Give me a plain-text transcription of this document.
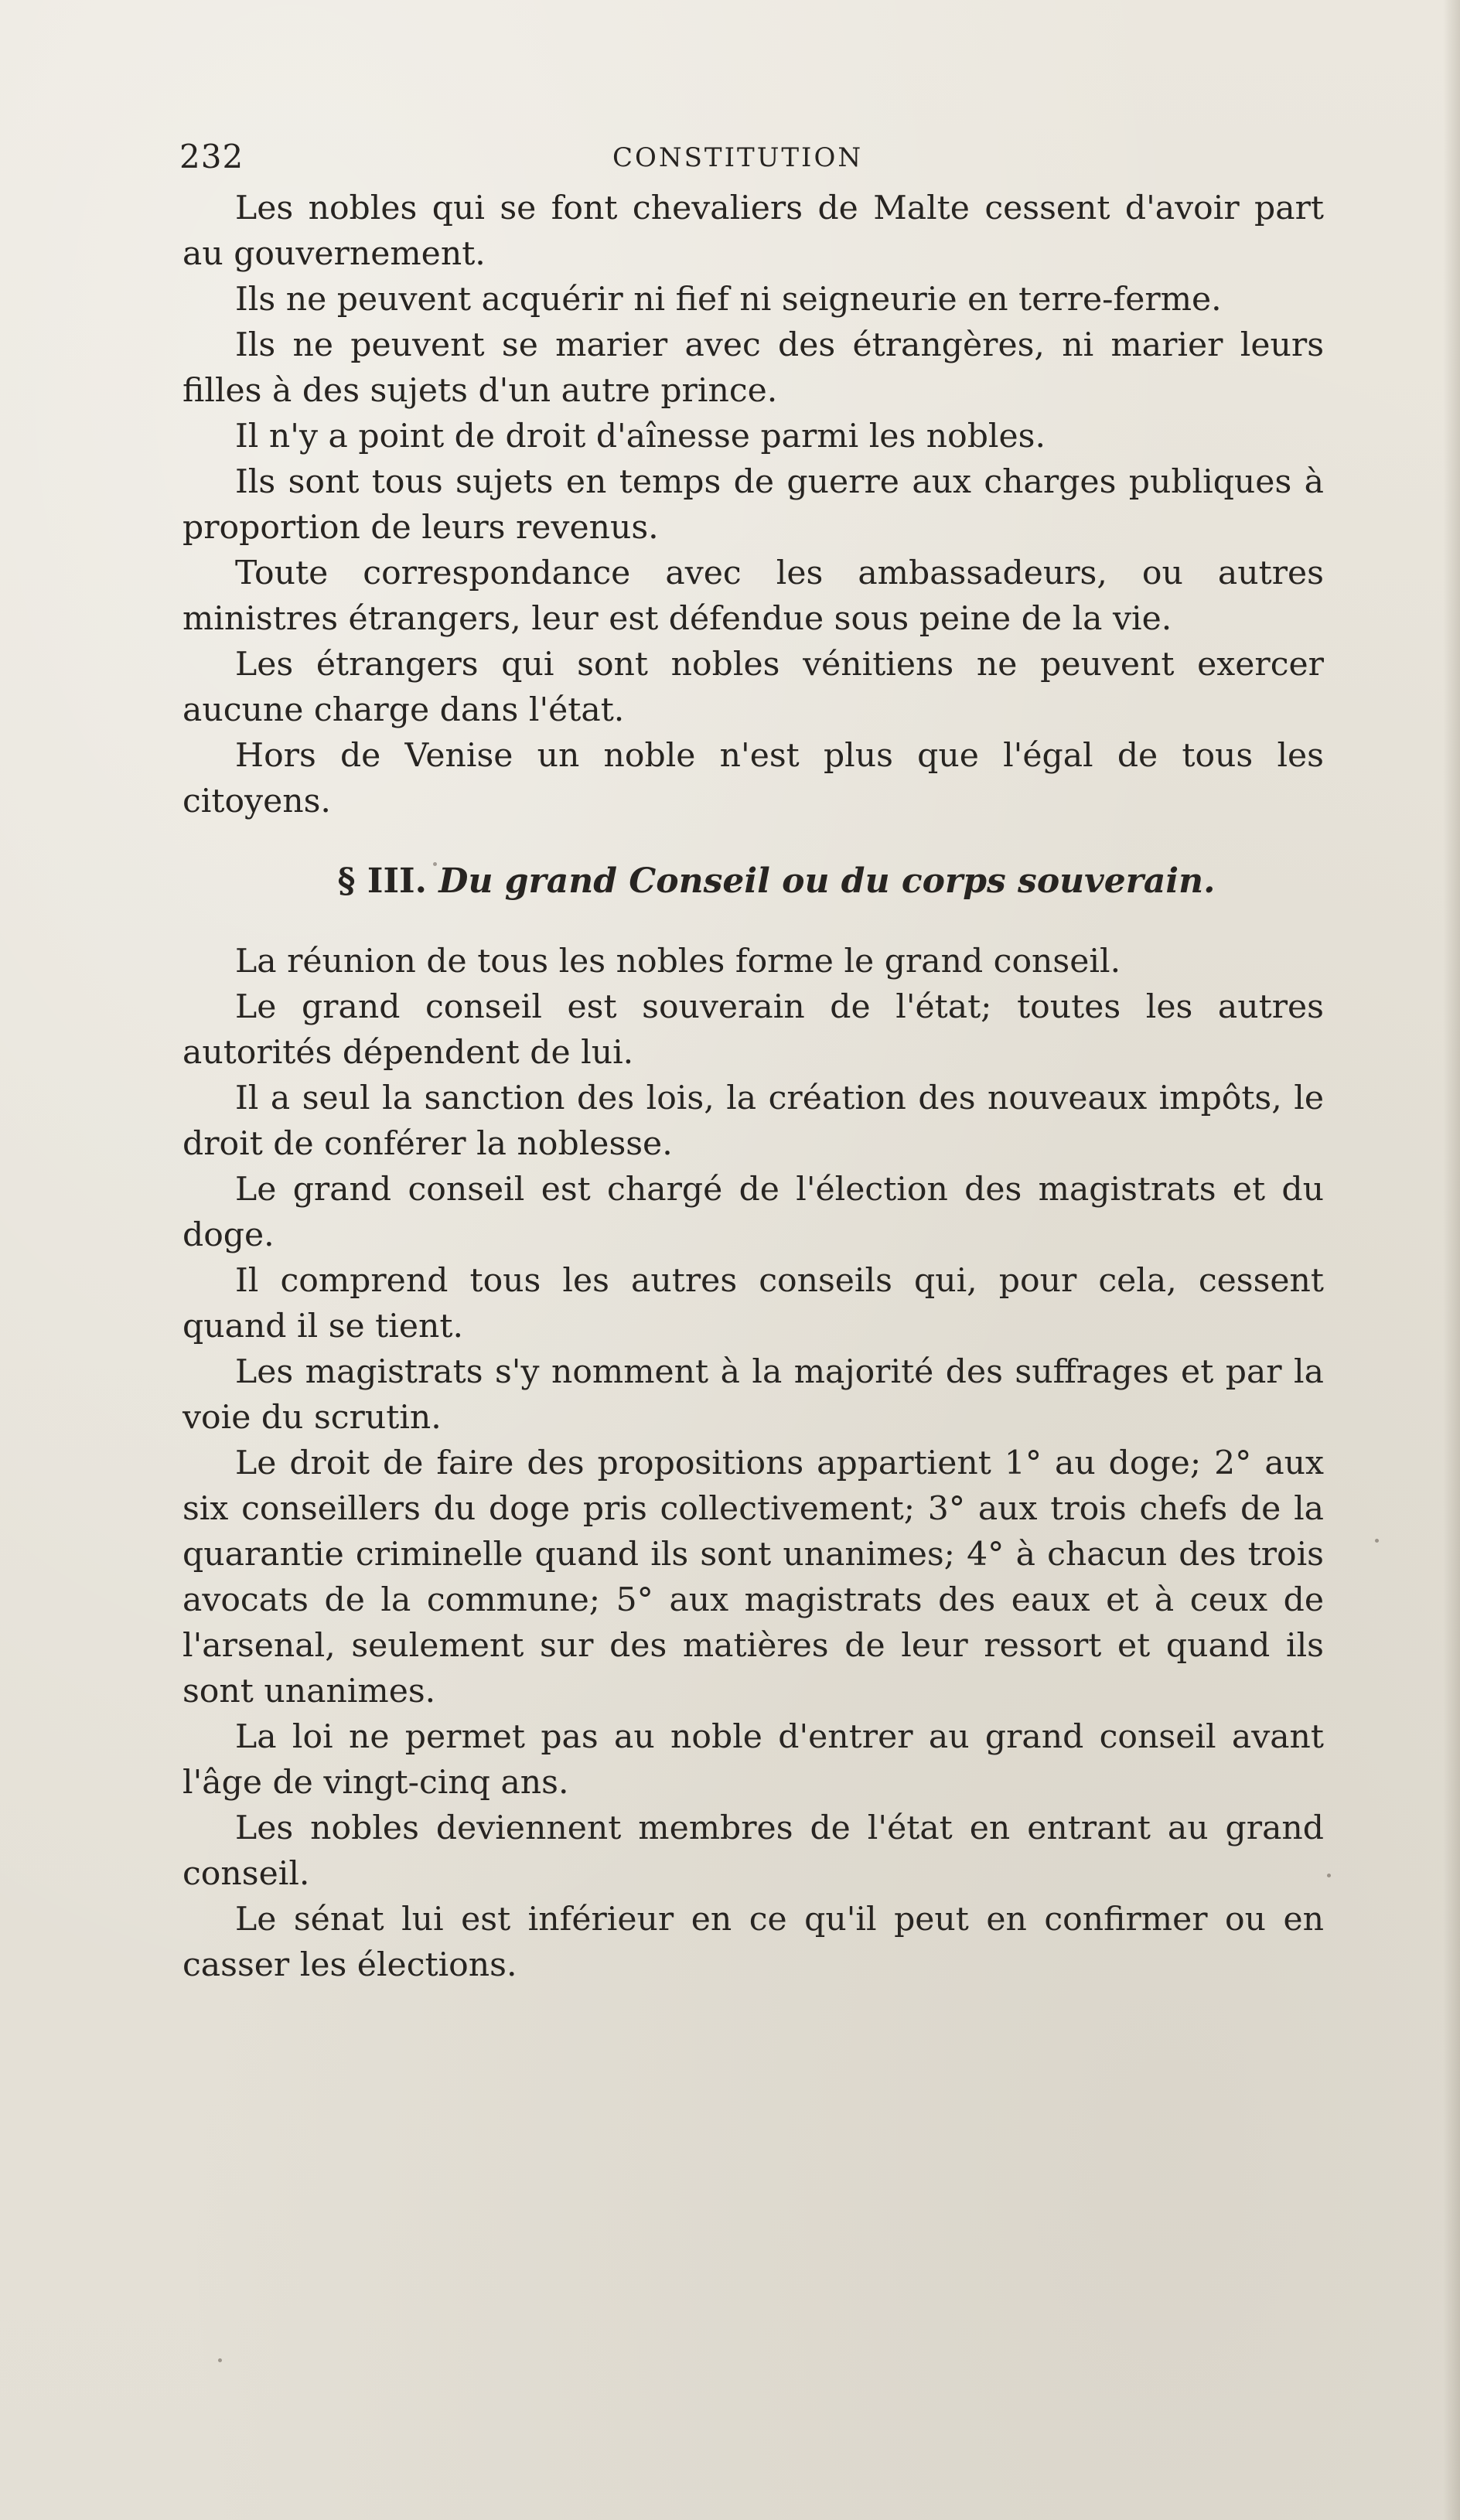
232	CONSTITUTION

Les nobles qui se font chevaliers de Malte cessent d'avoir part au gouvernement.

Ils ne peuvent acquérir ni fief ni seigneurie en terre-ferme.

Ils ne peuvent se marier avec des étrangères, ni marier leurs filles à des sujets d'un autre prince.

Il n'y a point de droit d'aînesse parmi les nobles.

Ils sont tous sujets en temps de guerre aux charges publiques à proportion de leurs revenus.

Toute correspondance avec les ambassadeurs, ou autres ministres étrangers, leur est défendue sous peine de la vie.

Les étrangers qui sont nobles vénitiens ne peuvent exercer aucune charge dans l'état.

Hors de Venise un noble n'est plus que l'égal de tous les citoyens.

§ III. Du grand Conseil ou du corps souverain.

La réunion de tous les nobles forme le grand conseil.

Le grand conseil est souverain de l'état; toutes les autres autorités dépendent de lui.

Il a seul la sanction des lois, la création des nouveaux impôts, le droit de conférer la noblesse.

Le grand conseil est chargé de l'élection des magistrats et du doge.

Il comprend tous les autres conseils qui, pour cela, cessent quand il se tient.

Les magistrats s'y nomment à la majorité des suffrages et par la voie du scrutin.

Le droit de faire des propositions appartient 1° au doge; 2° aux six conseillers du doge pris collectivement; 3° aux trois chefs de la quarantie criminelle quand ils sont unanimes; 4° à chacun des trois avocats de la commune; 5° aux magistrats des eaux et à ceux de l'arsenal, seulement sur des matières de leur ressort et quand ils sont unanimes.

La loi ne permet pas au noble d'entrer au grand conseil avant l'âge de vingt-cinq ans.

Les nobles deviennent membres de l'état en entrant au grand conseil.

Le sénat lui est inférieur en ce qu'il peut en confirmer ou en casser les élections.
